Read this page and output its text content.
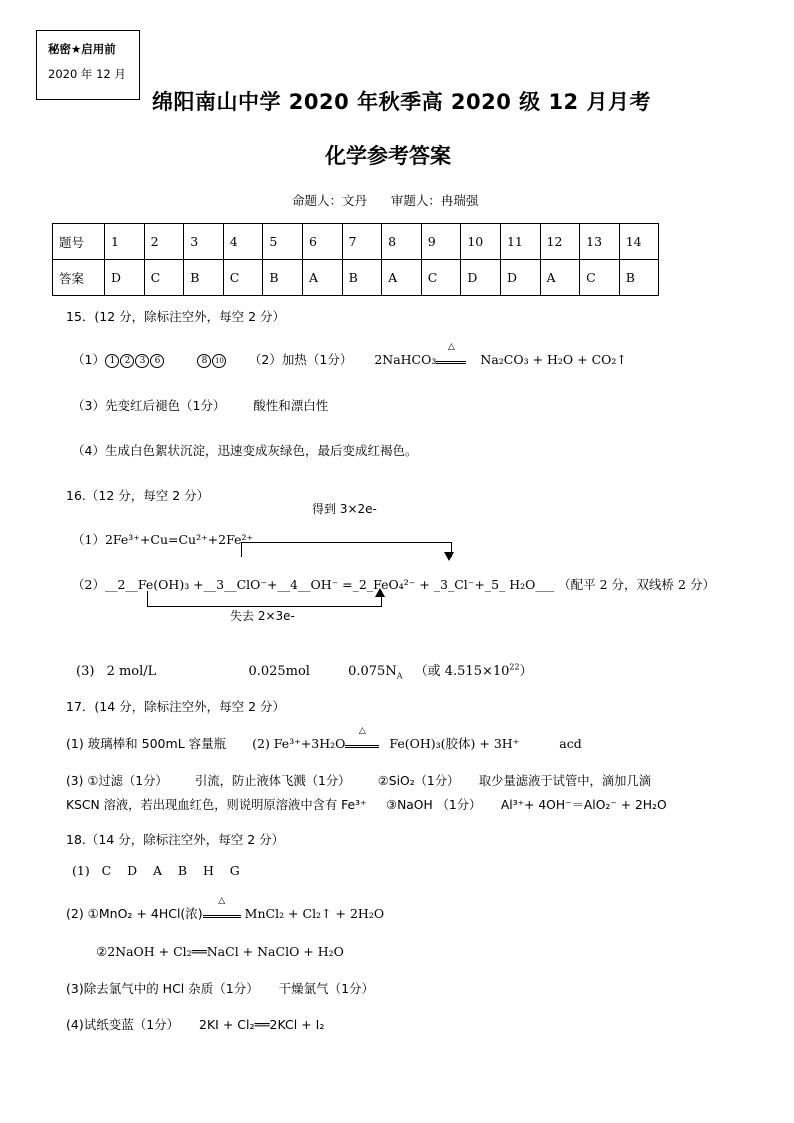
秘密★启用前
2020 年 12 月
绵阳南山中学 2020 年秋季高 2020 级 12 月月考
化学参考答案
命题人：文丹      审题人：冉瑞强
题号	1	2	3	4	5	6	7	8	9	10	11	12	13	14
答案	D	C	B	C	B	A	B	A	C	D	D	A	C	B
15．(12 分，除标注空外，每空 2 分）
（1） 1 2 3 6	8 10 （2）加热（1分） 2NaHCO₃
△
Na₂CO₃ + H₂O + CO₂↑
（3）先变红后褪色（1分）       酸性和漂白性
（4）生成白色絮状沉淀，迅速变成灰绿色，最后变成红褐色。
16.（12 分，每空 2 分）
得到 3×2e-
（1）2Fe³⁺+Cu=Cu²⁺+2Fe²⁺
（2）__2__Fe(OH)₃ +__3__ClO⁻+__4__OH⁻ =_2_FeO₄²⁻ + _3_Cl⁻+_5_ H₂O___ （配平 2 分，双线桥 2 分）
失去 2×3e-
(3) 2 mol/L	0.025mol	$0.075N_A$ （或 $4.515\times 10^{22}$）
17．(14 分，除标注空外，每空 2 分）
(1) 玻璃棒和 500mL 容量瓶 (2) Fe³⁺+3H₂O
△
Fe(OH)₃(胶体) + 3H⁺	acd
(3) ①过滤（1分）       引流，防止液体飞溅（1分）       ②SiO₂（1分）     取少量滤液于试管中，滴加几滴
KSCN 溶液，若出现血红色，则说明原溶液中含有 Fe³⁺     ③NaOH （1分）     Al³⁺+ 4OH⁻＝AlO₂⁻ + 2H₂O
18.（14 分，除标注空外，每空 2 分）
(1)   C    D    A    B    H    G
(2) ①MnO₂ + 4HCl(浓)
△
MnCl₂ + Cl₂↑ + 2H₂O
②2NaOH + Cl₂══NaCl + NaClO + H₂O
(3)除去氯气中的 HCl 杂质（1分）     干燥氯气（1分）
(4)试纸变蓝（1分）     2KI + Cl₂══2KCl + I₂
